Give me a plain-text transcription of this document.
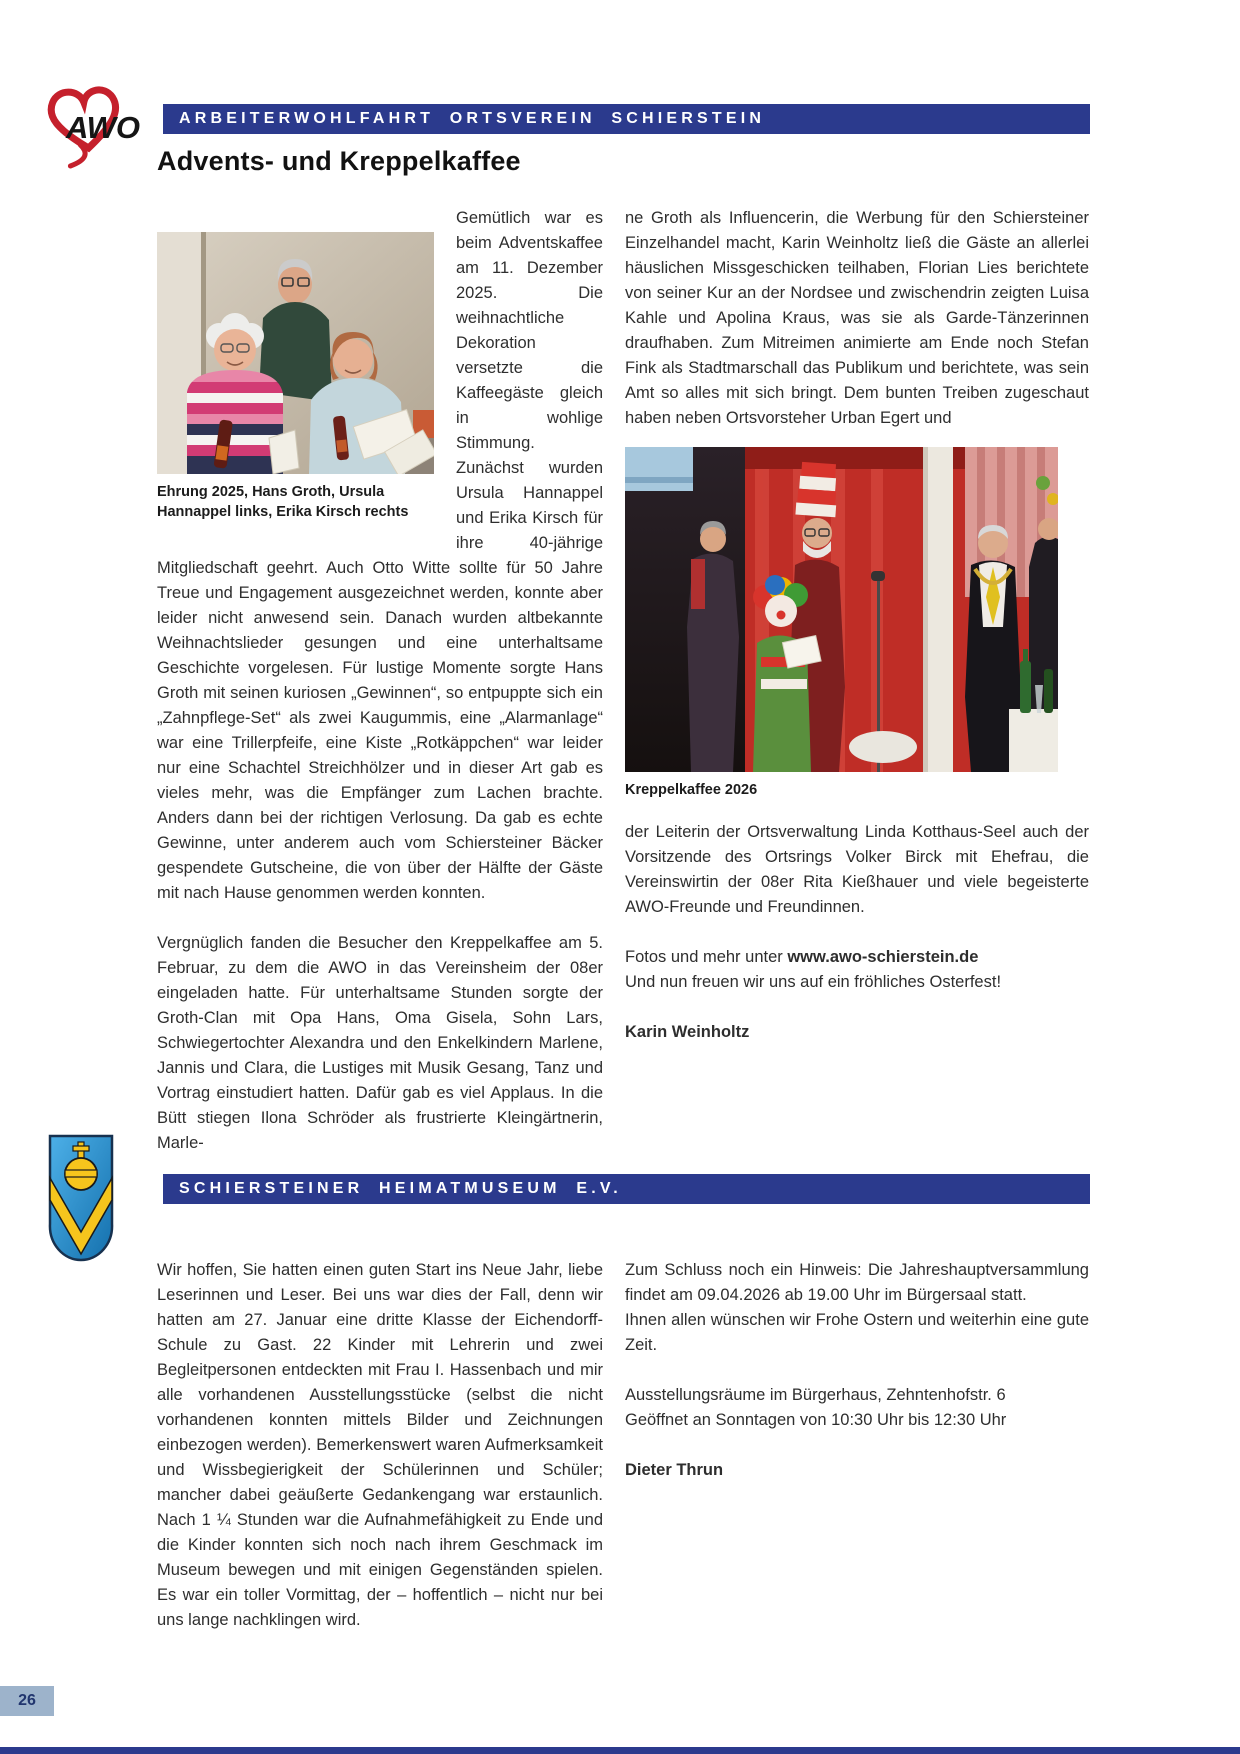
AWO	ARBEITERWOHLFAHRT ORTSVEREIN SCHIERSTEIN
Advents- und Kreppelkaffee
Ehrung 2025, Hans Groth, Ursula Hannappel links, Erika Kirsch rechts

Gemütlich war es beim Adventskaffee am 11. Dezember 2025. Die weihnachtliche Dekoration versetzte die Kaffeegäste gleich in wohlige Stimmung. Zunächst wurden Ursula Hannappel und Erika Kirsch für ihre 40-jährige Mitgliedschaft geehrt. Auch Otto Witte sollte für 50 Jahre Treue und Engagement ausgezeichnet werden, konnte aber leider nicht anwesend sein. Danach wurden altbekannte Weihnachtslieder gesungen und eine unterhaltsame Geschichte vorgelesen. Für lustige Momente sorgte Hans Groth mit seinen kuriosen „Gewinnen“, so entpuppte sich ein „Zahnpflege-Set“ als zwei Kaugummis, eine „Alarmanlage“ war eine Trillerpfeife, eine Kiste „Rotkäppchen“ war leider nur eine Schachtel Streichhölzer und in dieser Art gab es vieles mehr, was die Empfänger zum Lachen brachte. Anders dann bei der richtigen Verlosung. Da gab es echte Gewinne, unter anderem auch vom Schiersteiner Bäcker gespendete Gutscheine, die von über der Hälfte der Gäste mit nach Hause genommen werden konnten.

Vergnüglich fanden die Besucher den Kreppelkaffee am 5. Februar, zu dem die AWO in das Vereinsheim der 08er eingeladen hatte. Für unterhaltsame Stunden sorgte der Groth-Clan mit Opa Hans, Oma Gisela, Sohn Lars, Schwiegertochter Alexandra und den Enkelkindern Marlene, Jannis und Clara, die Lustiges mit Musik Gesang, Tanz und Vortrag einstudiert hatten. Dafür gab es viel Applaus. In die Bütt stiegen Ilona Schröder als frustrierte Kleingärtnerin, Marle-

ne Groth als Influencerin, die Werbung für den Schiersteiner Einzelhandel macht, Karin Weinholtz ließ die Gäste an allerlei häuslichen Missgeschicken teilhaben, Florian Lies berichtete von seiner Kur an der Nordsee und zwischendrin zeigten Luisa Kahle und Apolina Kraus, was sie als Garde-Tänzerinnen draufhaben. Zum Mitreimen animierte am Ende noch Stefan Fink als Stadtmarschall das Publikum und berichtete, was sein Amt so alles mit sich bringt. Dem bunten Treiben zugeschaut haben neben Ortsvorsteher Urban Egert und

Kreppelkaffee 2026

der Leiterin der Ortsverwaltung Linda Kotthaus-Seel auch der Vorsitzende des Ortsrings Volker Birck mit Ehefrau, die Vereinswirtin der 08er Rita Kießhauer und viele begeisterte AWO-Freunde und Freundinnen.

Fotos und mehr unter www.awo-schierstein.de
Und nun freuen wir uns auf ein fröhliches Osterfest!

Karin Weinholtz

SCHIERSTEINER HEIMATMUSEUM E.V.

Wir hoffen, Sie hatten einen guten Start ins Neue Jahr, liebe Leserinnen und Leser. Bei uns war dies der Fall, denn wir hatten am 27. Januar eine dritte Klasse der Eichendorff-Schule zu Gast. 22 Kinder mit Lehrerin und zwei Begleitpersonen entdeckten mit Frau I. Hassenbach und mir alle vorhandenen Ausstellungsstücke (selbst die nicht vorhandenen konnten mittels Bilder und Zeichnungen einbezogen werden). Bemerkenswert waren Aufmerksamkeit und Wissbegierigkeit der Schülerinnen und Schüler; mancher dabei geäußerte Gedankengang war erstaunlich. Nach 1 ¼ Stunden war die Aufnahmefähigkeit zu Ende und die Kinder konnten sich noch nach ihrem Geschmack im Museum bewegen und mit einigen Gegenständen spielen. Es war ein toller Vormittag, der – hoffentlich – nicht nur bei uns lange nachklingen wird.

Zum Schluss noch ein Hinweis: Die Jahreshauptversammlung findet am 09.04.2026 ab 19.00 Uhr im Bürgersaal statt.
Ihnen allen wünschen wir Frohe Ostern und weiterhin eine gute Zeit.

Ausstellungsräume im Bürgerhaus, Zehntenhofstr. 6
Geöffnet an Sonntagen von 10:30 Uhr bis 12:30 Uhr

Dieter Thrun

26
